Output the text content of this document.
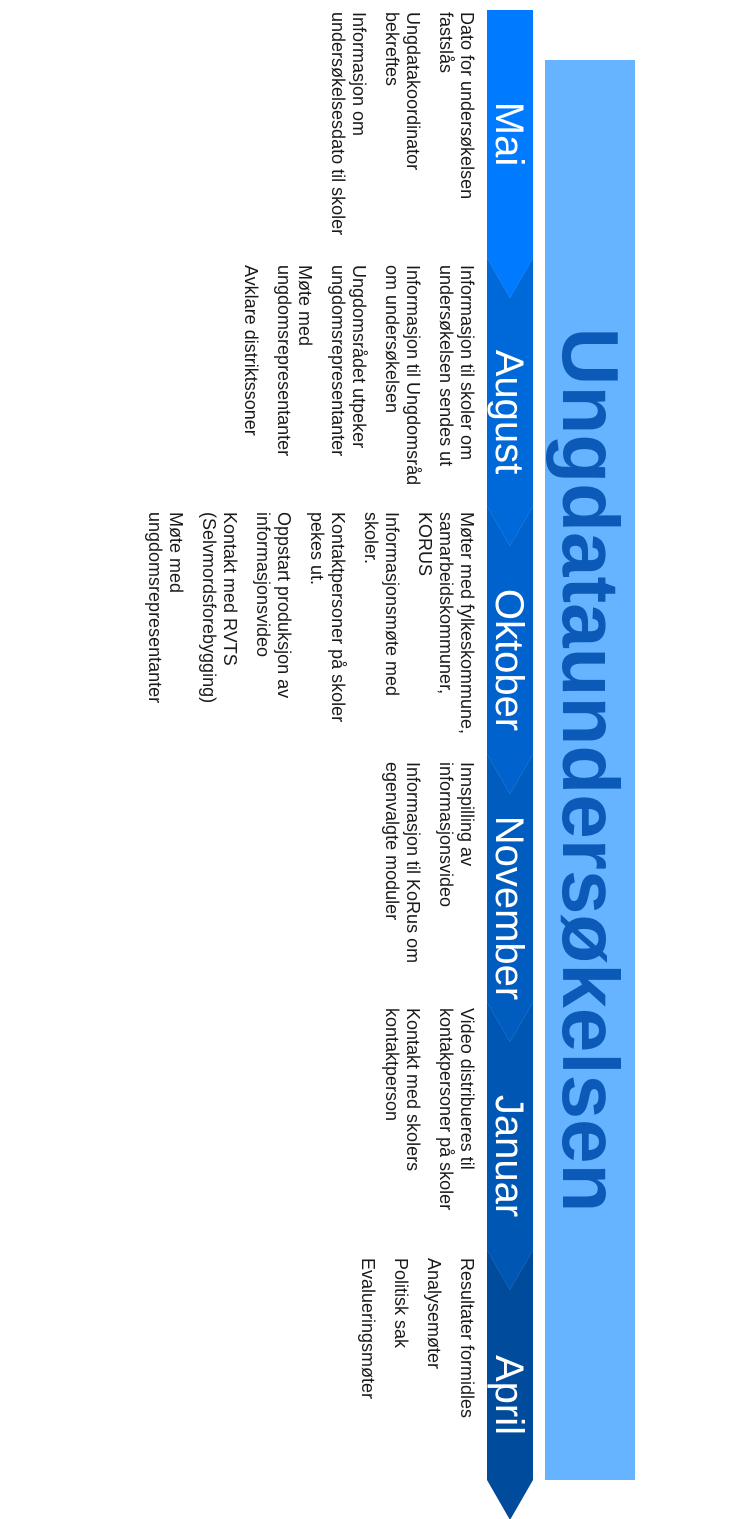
Ungdataundersøkelsen
Mai
August
Oktober
November
Januar
April
Dato for undersøkelsen fastslås
Ungdatakoordinator bekreftes
Informasjon om undersøkelsesdato til skoler
Informasjon til skoler om undersøkelsen sendes ut
Informasjon til Ungdomsråd om undersøkelsen
Ungdomsrådet utpeker ungdomsrepresentanter
Møte med ungdomsrepresentanter
Avklare distriktssoner
Møter med fylkeskommune, samarbeidskommuner, KORUS
Informasjonsmøte med skoler.
Kontaktpersoner på skoler pekes ut.
Oppstart produksjon av informasjonsvideo
Kontakt med RVTS (Selvmordsforebygging)
Møte med ungdomsrepresentanter
Innspilling av informasjonsvideo
Informasjon til KoRus om egenvalgte moduler
Video distribueres til kontakpersoner på skoler
Kontakt med skolers kontaktperson
Resultater formidles
Analysemøter
Politisk sak
Evalueringsmøter
